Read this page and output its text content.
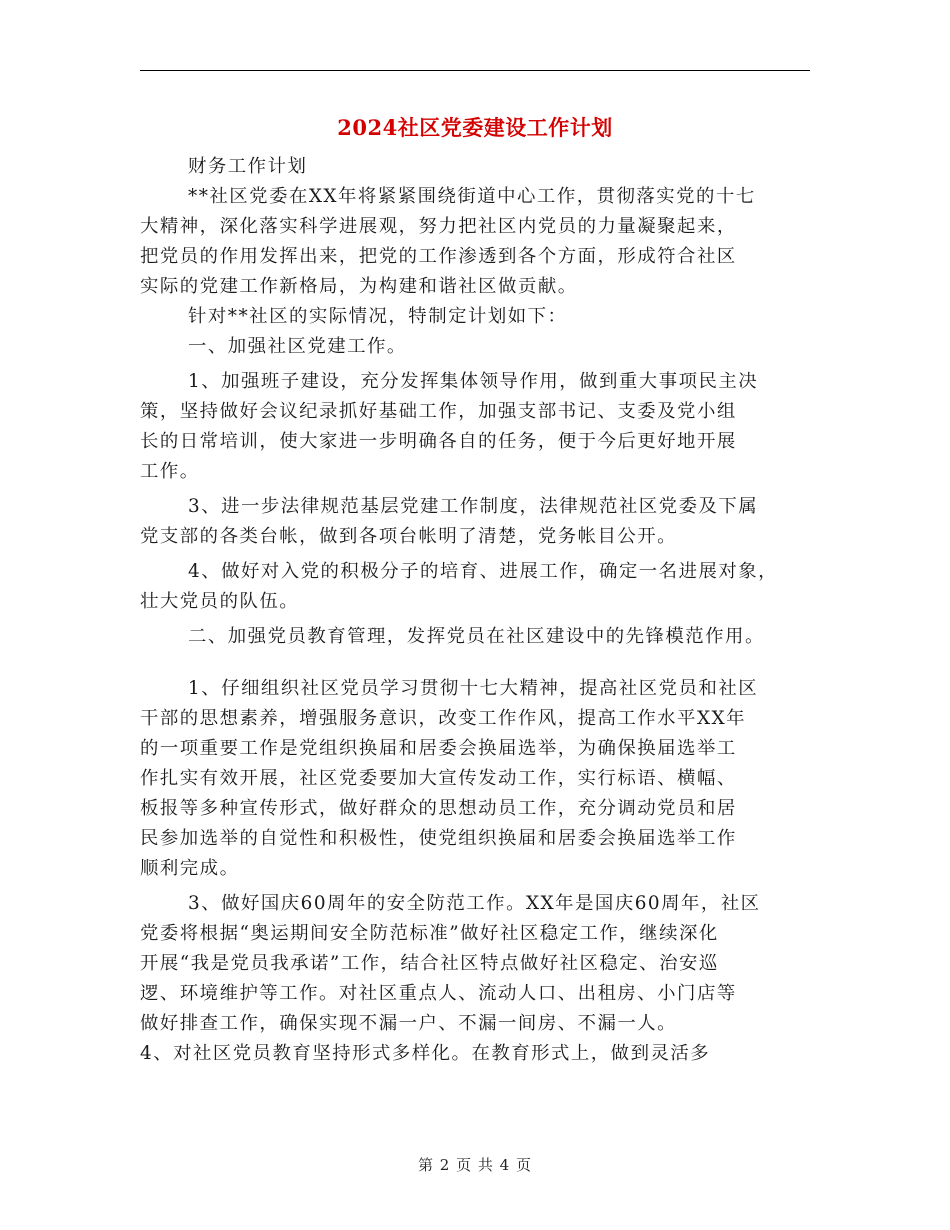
2024社区党委建设工作计划
财务工作计划
**社区党委在XX年将紧紧围绕街道中心工作，贯彻落实党的十七
大精神，深化落实科学进展观，努力把社区内党员的力量凝聚起来，
把党员的作用发挥出来，把党的工作渗透到各个方面，形成符合社区
实际的党建工作新格局，为构建和谐社区做贡献。
针对**社区的实际情况，特制定计划如下：
一、加强社区党建工作。
1、加强班子建设，充分发挥集体领导作用，做到重大事项民主决
策，坚持做好会议纪录抓好基础工作，加强支部书记、支委及党小组
长的日常培训，使大家进一步明确各自的任务，便于今后更好地开展
工作。
3、进一步法律规范基层党建工作制度，法律规范社区党委及下属
党支部的各类台帐，做到各项台帐明了清楚，党务帐目公开。
4、做好对入党的积极分子的培育、进展工作，确定一名进展对象，
壮大党员的队伍。
二、加强党员教育管理，发挥党员在社区建设中的先锋模范作用。
1、仔细组织社区党员学习贯彻十七大精神，提高社区党员和社区
干部的思想素养，增强服务意识，改变工作作风，提高工作水平XX年
的一项重要工作是党组织换届和居委会换届选举，为确保换届选举工
作扎实有效开展，社区党委要加大宣传发动工作，实行标语、横幅、
板报等多种宣传形式，做好群众的思想动员工作，充分调动党员和居
民参加选举的自觉性和积极性，使党组织换届和居委会换届选举工作
顺利完成。
3、做好国庆60周年的安全防范工作。XX年是国庆60周年，社区
党委将根据“奥运期间安全防范标准”做好社区稳定工作，继续深化
开展“我是党员我承诺”工作，结合社区特点做好社区稳定、治安巡
逻、环境维护等工作。对社区重点人、流动人口、出租房、小门店等
做好排查工作，确保实现不漏一户、不漏一间房、不漏一人。
4、对社区党员教育坚持形式多样化。在教育形式上，做到灵活多
第 2 页 共 4 页
